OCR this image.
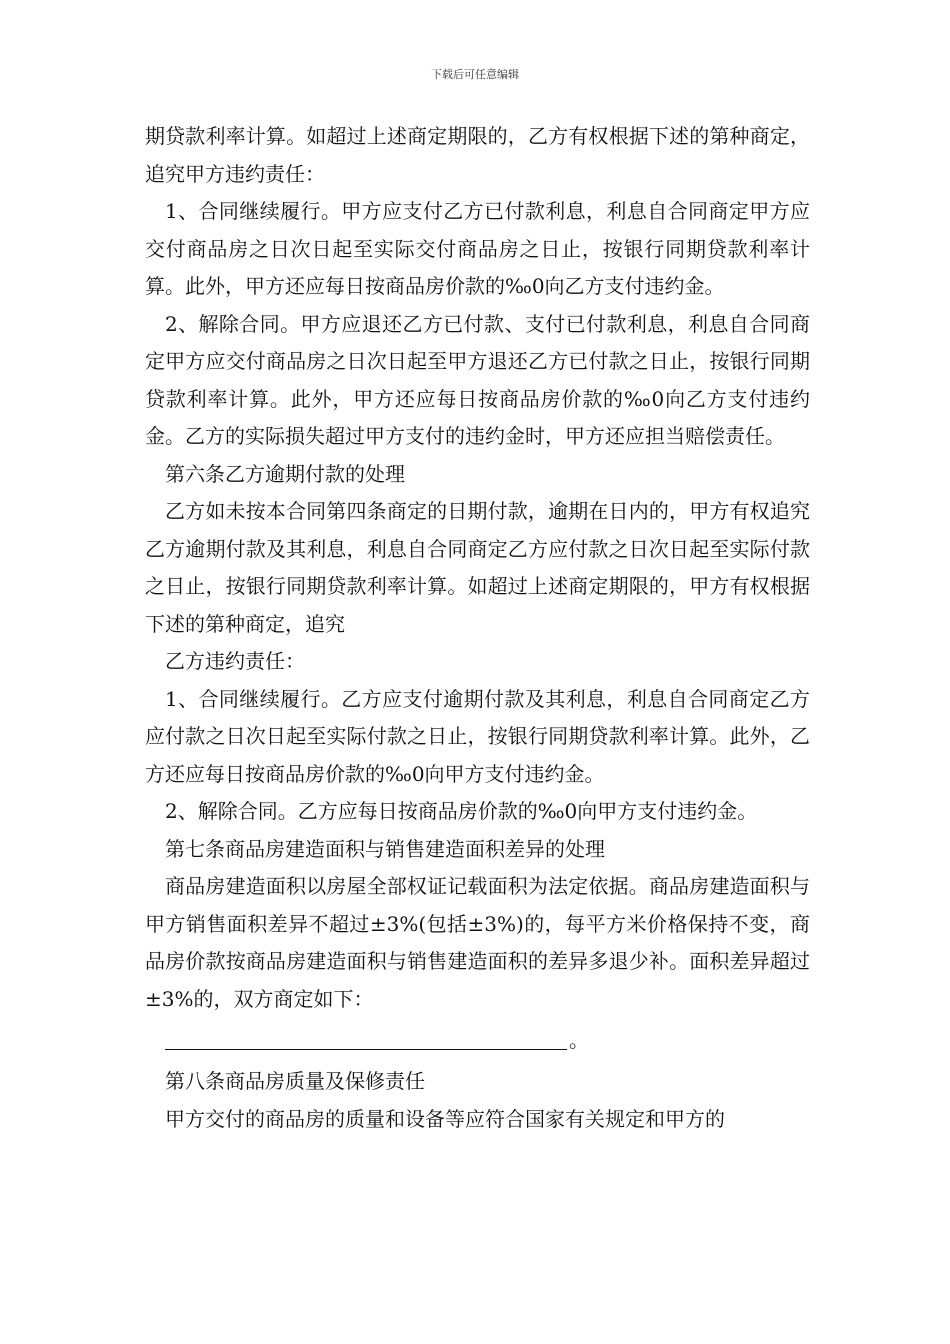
下载后可任意编辑

期贷款利率计算。如超过上述商定期限的，乙方有权根据下述的第种商定，追究甲方违约责任：

1、合同继续履行。甲方应支付乙方已付款利息，利息自合同商定甲方应交付商品房之日次日起至实际交付商品房之日止，按银行同期贷款利率计算。此外，甲方还应每日按商品房价款的‰0向乙方支付违约金。

2、解除合同。甲方应退还乙方已付款、支付已付款利息，利息自合同商定甲方应交付商品房之日次日起至甲方退还乙方已付款之日止，按银行同期贷款利率计算。此外，甲方还应每日按商品房价款的‰0向乙方支付违约金。乙方的实际损失超过甲方支付的违约金时，甲方还应担当赔偿责任。

第六条乙方逾期付款的处理

乙方如未按本合同第四条商定的日期付款，逾期在日内的，甲方有权追究乙方逾期付款及其利息，利息自合同商定乙方应付款之日次日起至实际付款之日止，按银行同期贷款利率计算。如超过上述商定期限的，甲方有权根据下述的第种商定，追究

乙方违约责任：

1、合同继续履行。乙方应支付逾期付款及其利息，利息自合同商定乙方应付款之日次日起至实际付款之日止，按银行同期贷款利率计算。此外，乙方还应每日按商品房价款的‰0向甲方支付违约金。

2、解除合同。乙方应每日按商品房价款的‰0向甲方支付违约金。

第七条商品房建造面积与销售建造面积差异的处理

商品房建造面积以房屋全部权证记载面积为法定依据。商品房建造面积与甲方销售面积差异不超过±3%(包括±3%)的，每平方米价格保持不变，商品房价款按商品房建造面积与销售建造面积的差异多退少补。面积差异超过±3%的，双方商定如下：

。

第八条商品房质量及保修责任

甲方交付的商品房的质量和设备等应符合国家有关规定和甲方的
